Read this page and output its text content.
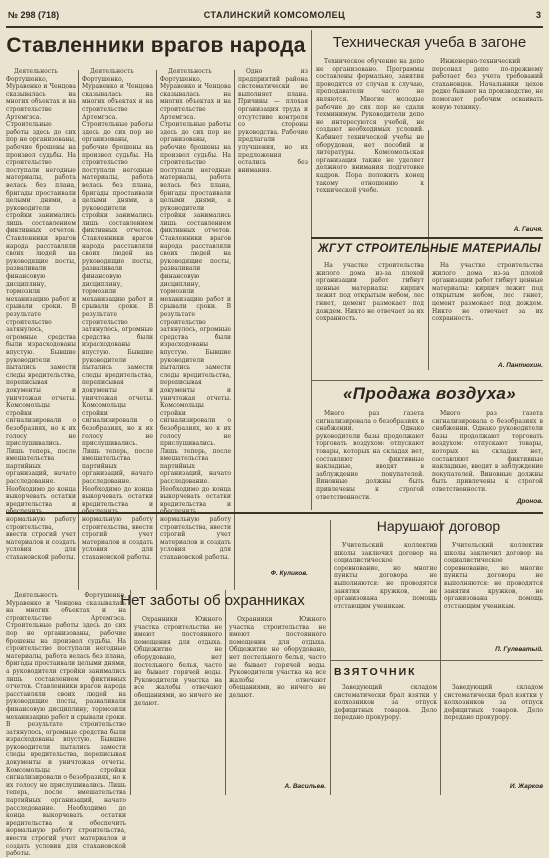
№ 298 (718)	СТАЛИНСКИЙ КОМСОМОЛЕЦ	3
Ставленники врагов народа
Деятельность Фортушенко, Муравенко и Ченцова сказывалась на многих объектах и на строительстве Артемгэса. Строительные работы здесь до сих пор не организованы, рабочие брошены на произвол судьбы. На строительство поступали негодные материалы, работа велась без плана, бригады простаивали целыми днями, а руководители стройки занимались лишь составлением фиктивных отчетов. Ставленники врагов народа расставляли своих людей на руководящие посты, разваливали финансовую дисциплину, тормозили механизацию работ и срывали сроки. В результате строительство затянулось, огромные средства были израсходованы впустую. Бывшие руководители пытались замести следы вредительства, переписывая документы и уничтожая отчеты. Комсомольцы стройки сигнализировали о безобразиях, но к их голосу не прислушивались. Лишь теперь, после вмешательства партийных организаций, начато расследование. Необходимо до конца выкорчевать остатки вредительства и обеспечить нормальную работу строительства, ввести строгий учет материалов и создать условия для стахановской работы.
Деятельность Фортушенко, Муравенко и Ченцова сказывалась на многих объектах и на строительстве Артемгэса. Строительные работы здесь до сих пор не организованы, рабочие брошены на произвол судьбы. На строительство поступали негодные материалы, работа велась без плана, бригады простаивали целыми днями, а руководители стройки занимались лишь составлением фиктивных отчетов. Ставленники врагов народа расставляли своих людей на руководящие посты, разваливали финансовую дисциплину, тормозили механизацию работ и срывали сроки. В результате строительство затянулось, огромные средства были израсходованы впустую. Бывшие руководители пытались замести следы вредительства, переписывая документы и уничтожая отчеты. Комсомольцы стройки сигнализировали о безобразиях, но к их голосу не прислушивались. Лишь теперь, после вмешательства партийных организаций, начато расследование. Необходимо до конца выкорчевать остатки вредительства и обеспечить нормальную работу строительства, ввести строгий учет материалов и создать условия для стахановской работы.
Деятельность Фортушенко, Муравенко и Ченцова сказывалась на многих объектах и на строительстве Артемгэса. Строительные работы здесь до сих пор не организованы, рабочие брошены на произвол судьбы. На строительство поступали негодные материалы, работа велась без плана, бригады простаивали целыми днями, а руководители стройки занимались лишь составлением фиктивных отчетов. Ставленники врагов народа расставляли своих людей на руководящие посты, разваливали финансовую дисциплину, тормозили механизацию работ и срывали сроки. В результате строительство затянулось, огромные средства были израсходованы впустую. Бывшие руководители пытались замести следы вредительства, переписывая документы и уничтожая отчеты. Комсомольцы стройки сигнализировали о безобразиях, но к их голосу не прислушивались. Лишь теперь, после вмешательства партийных организаций, начато расследование. Необходимо до конца выкорчевать остатки вредительства и обеспечить нормальную работу строительства, ввести строгий учет материалов и создать условия для стахановской работы.
Одно из предприятий района систематически не выполняет плана. Причины — плохая организация труда и отсутствие контроля со стороны руководства. Рабочие предлагали улучшения, но их предложения остались без внимания.
Ф. Куликов.
Техническая учеба в загоне
Техническое обучение на депо не организовано. Программы составлены формально, занятия проводятся от случая к случаю, преподаватели часто не являются. Многие молодые рабочие до сих пор не сдали техминимум. Руководители депо не интересуются учебой, не создают необходимых условий. Кабинет технической учебы не оборудован, нет пособий и литературы. Комсомольская организация также не уделяет должного внимания подготовке кадров. Пора положить конец такому отношению к технической учебе.
Инженерно-технический персонал депо по-прежнему работает без учета требований стахановцев. Начальники цехов редко бывают на производстве, не помогают рабочим осваивать новую технику.
А. Гвичя.
ЖГУТ СТРОИТЕЛЬНЫЕ МАТЕРИАЛЫ
На участке строительства жилого дома из-за плохой организации работ гибнут ценные материалы: кирпич лежит под открытым небом, лес гниет, цемент размокает под дождем. Никто не отвечает за их сохранность.
На участке строительства жилого дома из-за плохой организации работ гибнут ценные материалы: кирпич лежит под открытым небом, лес гниет, цемент размокает под дождем. Никто не отвечает за их сохранность.
А. Пантюхин.
«Продажа воздуха»
Много раз газета сигнализировала о безобразиях в снабжении. Однако руководители базы продолжают торговать воздухом: отпускают товары, которых на складах нет, составляют фиктивные накладные, вводят в заблуждение покупателей. Виновные должны быть привлечены к строгой ответственности.
Много раз газета сигнализировала о безобразиях в снабжении. Однако руководители базы продолжают торговать воздухом: отпускают товары, которых на складах нет, составляют фиктивные накладные, вводят в заблуждение покупателей. Виновные должны быть привлечены к строгой ответственности.
Дронов.
Нарушают договор
Учительский коллектив школы заключил договор на социалистическое соревнование, но многие пункты договора не выполняются: не проводятся занятия кружков, не организована помощь отстающим ученикам.
Учительский коллектив школы заключил договор на социалистическое соревнование, но многие пункты договора не выполняются: не проводятся занятия кружков, не организована помощь отстающим ученикам.
П. Гулеватый.
ВЗЯТОЧНИК
Заведующий складом систематически брал взятки у колхозников за отпуск дефицитных товаров. Дело передано прокурору.
Заведующий складом систематически брал взятки у колхозников за отпуск дефицитных товаров. Дело передано прокурору.
И. Жарков
Нет заботы об охранниках
Деятельность Фортушенко, Муравенко и Ченцова сказывалась на многих объектах и на строительстве Артемгэса. Строительные работы здесь до сих пор не организованы, рабочие брошены на произвол судьбы. На строительство поступали негодные материалы, работа велась без плана, бригады простаивали целыми днями, а руководители стройки занимались лишь составлением фиктивных отчетов. Ставленники врагов народа расставляли своих людей на руководящие посты, разваливали финансовую дисциплину, тормозили механизацию работ и срывали сроки. В результате строительство затянулось, огромные средства были израсходованы впустую. Бывшие руководители пытались замести следы вредительства, переписывая документы и уничтожая отчеты. Комсомольцы стройки сигнализировали о безобразиях, но к их голосу не прислушивались. Лишь теперь, после вмешательства партийных организаций, начато расследование. Необходимо до конца выкорчевать остатки вредительства и обеспечить нормальную работу строительства, ввести строгий учет материалов и создать условия для стахановской работы.
Охранники Южного участка строительства не имеют постоянного помещения для отдыха. Общежитие не оборудовано, нет постельного белья, часто не бывает горячей воды. Руководители участка на все жалобы отвечают обещаниями, но ничего не делают.
Охранники Южного участка строительства не имеют постоянного помещения для отдыха. Общежитие не оборудовано, нет постельного белья, часто не бывает горячей воды. Руководители участка на все жалобы отвечают обещаниями, но ничего не делают.
А. Васильев.
